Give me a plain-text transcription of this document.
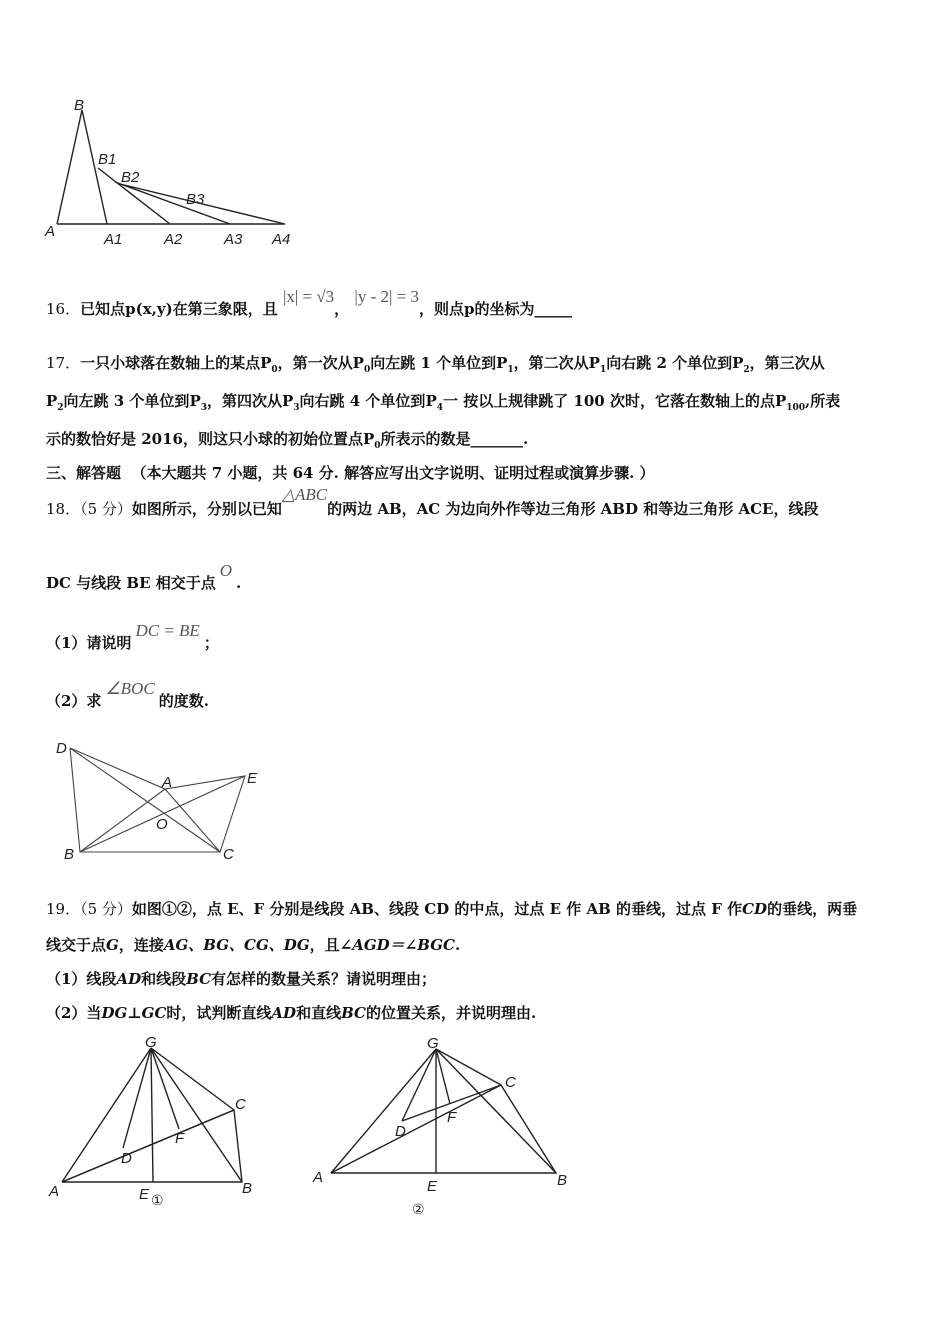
B
B1
B2
B3
A	A1	A2	A3 A4
16．已知点p(x,y)在第三象限，且 |x| = √3， |y - 2| = 3，则点p的坐标为_____
17．一只小球落在数轴上的某点$P_0$，第一次从$P_0$向左跳 1 个单位到$P_1$，第二次从$P_1$向右跳 2 个单位到$P_2$，第三次从
$P_2$向左跳 3 个单位到$P_3$，第四次从$P_3$向右跳 4 个单位到$P_4$一 按以上规律跳了 100 次时，它落在数轴上的点$P_{100}$,所表
示的数恰好是 2016，则这只小球的初始位置点$P_0$所表示的数是_______.
三、解答题 （本大题共 7 小题，共 64 分. 解答应写出文字说明、证明过程或演算步骤. ）
18．（5 分）如图所示，分别以已知△ABC的两边 AB，AC 为边向外作等边三角形 ABD 和等边三角形 ACE，线段
DC 与线段 BE 相交于点O.
（1）请说明DC = BE；
（2）求∠BOC的度数.
D
A	E
O
B	C
19．（5 分）如图①②，点 E、F 分别是线段 AB、线段 CD 的中点，过点 E 作 AB 的垂线，过点 F 作CD的垂线，两垂
线交于点G，连接AG、BG、CG、DG，且∠AGD＝∠BGC.
（1）线段AD和线段BC有怎样的数量关系？请说明理由；
（2）当DG⊥GC时，试判断直线AD和直线BC的位置关系，并说明理由.
G
C
F
D
A	E	B
①
G
C
F
D
A
E	B
②
